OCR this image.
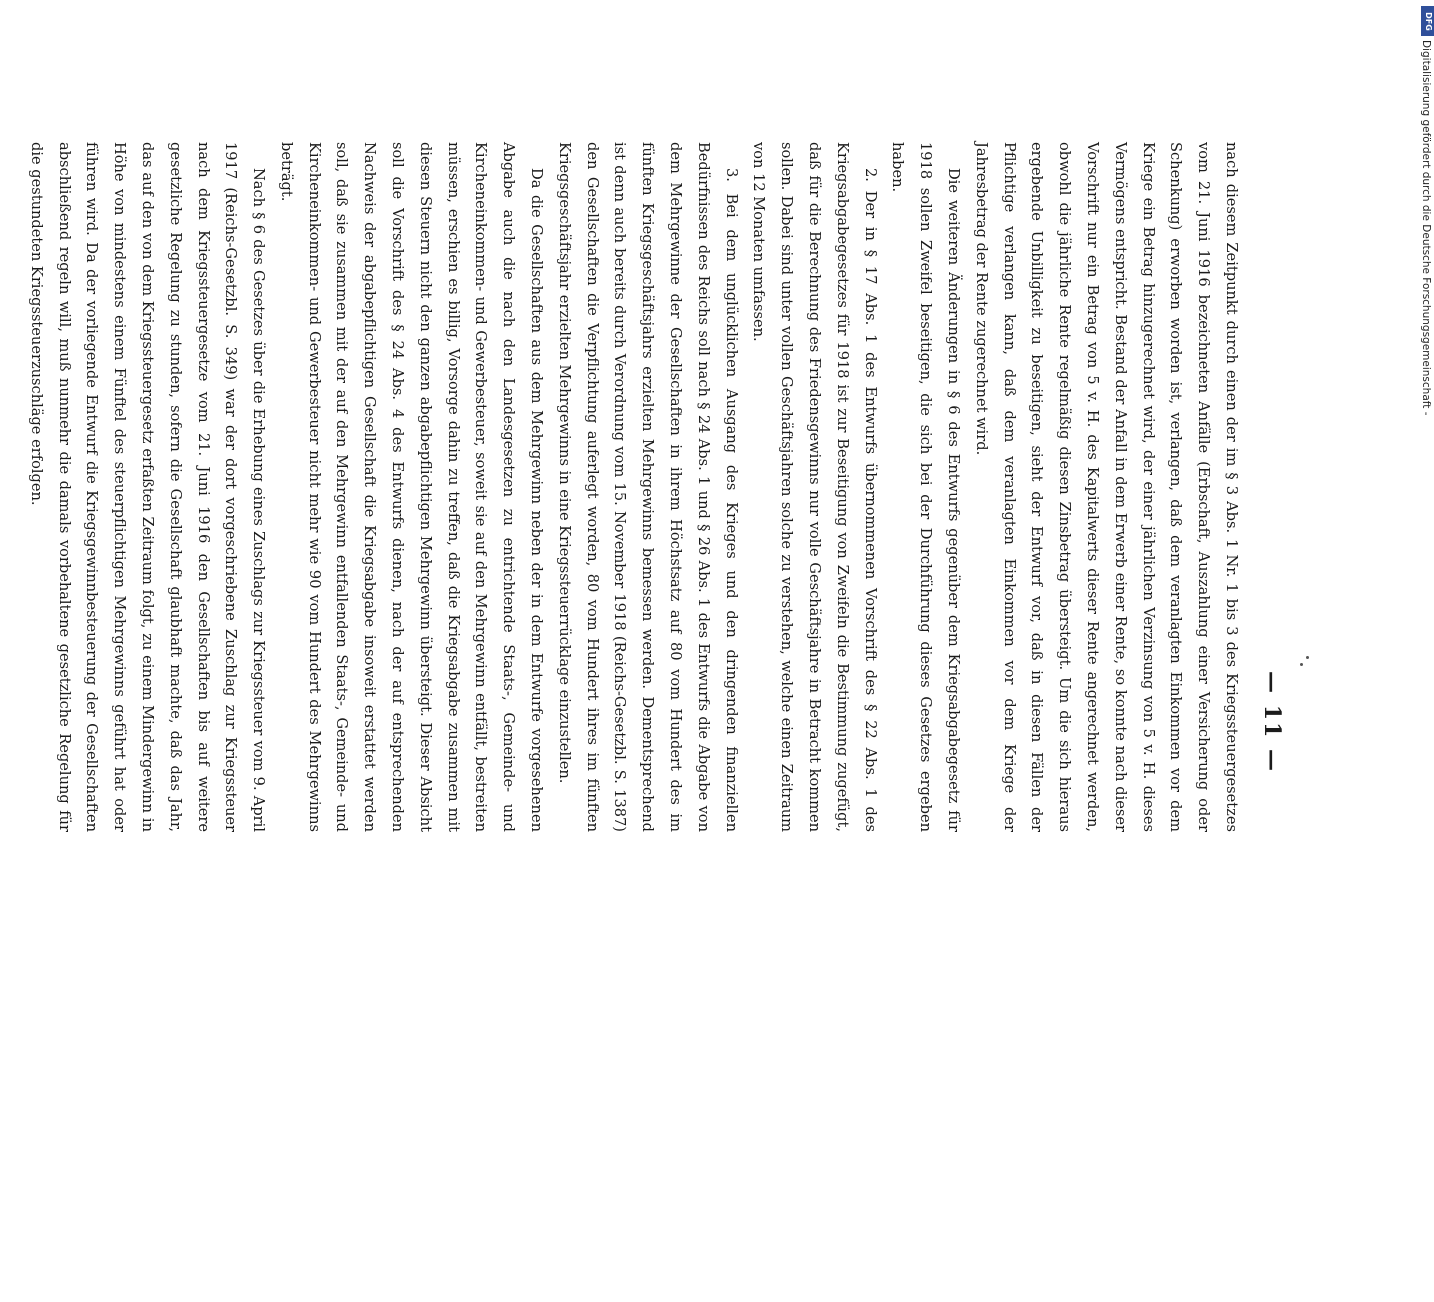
— 11 —

nach diesem Zeitpunkt durch einen der im § 3 Abs. 1 Nr. 1 bis 3 des Kriegssteuergesetzes vom 21. Juni 1916 bezeichneten Anfälle (Erbschaft, Auszahlung einer Versicherung oder Schenkung) erworben worden ist, verlangen, daß dem veranlagten Einkommen vor dem Kriege ein Betrag hinzugerechnet wird, der einer jährlichen Verzinsung von 5 v. H. dieses Vermögens entspricht. Bestand der Anfall in dem Erwerb einer Rente, so konnte nach dieser Vorschrift nur ein Betrag von 5 v. H. des Kapitalwerts dieser Rente angerechnet werden, obwohl die jährliche Rente regelmäßig diesen Zinsbetrag übersteigt. Um die sich hieraus ergebende Unbilligkeit zu beseitigen, sieht der Entwurf vor, daß in diesen Fällen der Pflichtige verlangen kann, daß dem veranlagten Einkommen vor dem Kriege der Jahresbetrag der Rente zugerechnet wird.

Die weiteren Änderungen in § 6 des Entwurfs gegenüber dem Kriegsabgabegesetz für 1918 sollen Zweifel beseitigen, die sich bei der Durchführung dieses Gesetzes ergeben haben.

2. Der in § 17 Abs. 1 des Entwurfs übernommenen Vorschrift des § 22 Abs. 1 des Kriegsabgabegesetzes für 1918 ist zur Beseitigung von Zweifeln die Bestimmung zugefügt, daß für die Berechnung des Friedensgewinns nur volle Geschäftsjahre in Betracht kommen sollen. Dabei sind unter vollen Geschäftsjahren solche zu verstehen, welche einen Zeitraum von 12 Monaten umfassen.

3. Bei dem unglücklichen Ausgang des Krieges und den dringenden finanziellen Bedürfnissen des Reichs soll nach § 24 Abs. 1 und § 26 Abs. 1 des Entwurfs die Abgabe von dem Mehrgewinne der Gesellschaften in ihrem Höchstsatz auf 80 vom Hundert des im fünften Kriegsgeschäftsjahrs erzielten Mehrgewinns bemessen werden. Dementsprechend ist denn auch bereits durch Verordnung vom 15. November 1918 (Reichs-Gesetzbl. S. 1387) den Gesellschaften die Verpflichtung auferlegt worden, 80 vom Hundert ihres im fünften Kriegsgeschäftsjahr erzielten Mehrgewinns in eine Kriegssteuerrücklage einzustellen.

Da die Gesellschaften aus dem Mehrgewinn neben der in dem Entwurfe vorgesehenen Abgabe auch die nach den Landesgesetzen zu entrichtende Staats-, Gemeinde- und Kircheneinkommen- und Gewerbesteuer, soweit sie auf den Mehrgewinn entfällt, bestreiten müssen, erschien es billig, Vorsorge dahin zu treffen, daß die Kriegsabgabe zusammen mit diesen Steuern nicht den ganzen abgabepflichtigen Mehrgewinn übersteigt. Dieser Absicht soll die Vorschrift des § 24 Abs. 4 des Entwurfs dienen, nach der auf entsprechenden Nachweis der abgabepflichtigen Gesellschaft die Kriegsabgabe insoweit erstattet werden soll, daß sie zusammen mit der auf den Mehrgewinn entfallenden Staats-, Gemeinde- und Kircheneinkommen- und Gewerbesteuer nicht mehr wie 90 vom Hundert des Mehrgewinns beträgt.

Nach § 6 des Gesetzes über die Erhebung eines Zuschlags zur Kriegssteuer vom 9. April 1917 (Reichs-Gesetzbl. S. 349) war der dort vorgeschriebene Zuschlag zur Kriegssteuer nach dem Kriegssteuergesetze vom 21. Juni 1916 den Gesellschaften bis auf weitere gesetzliche Regelung zu stunden, sofern die Gesellschaft glaubhaft machte, daß das Jahr, das auf den von dem Kriegssteuergesetz erfaßten Zeitraum folgt, zu einem Mindergewinn in Höhe von mindestens einem Fünftel des steuerpflichtigen Mehrgewinns geführt hat oder führen wird. Da der vorliegende Entwurf die Kriegsgewinnbesteuerung der Gesellschaften abschließend regeln will, muß nunmehr die damals vorbehaltene gesetzliche Regelung für die gestundeten Kriegssteuerzuschläge erfolgen.

DFG
Digitalisierung gefördert durch die Deutsche Forschungsgemeinschaft -
